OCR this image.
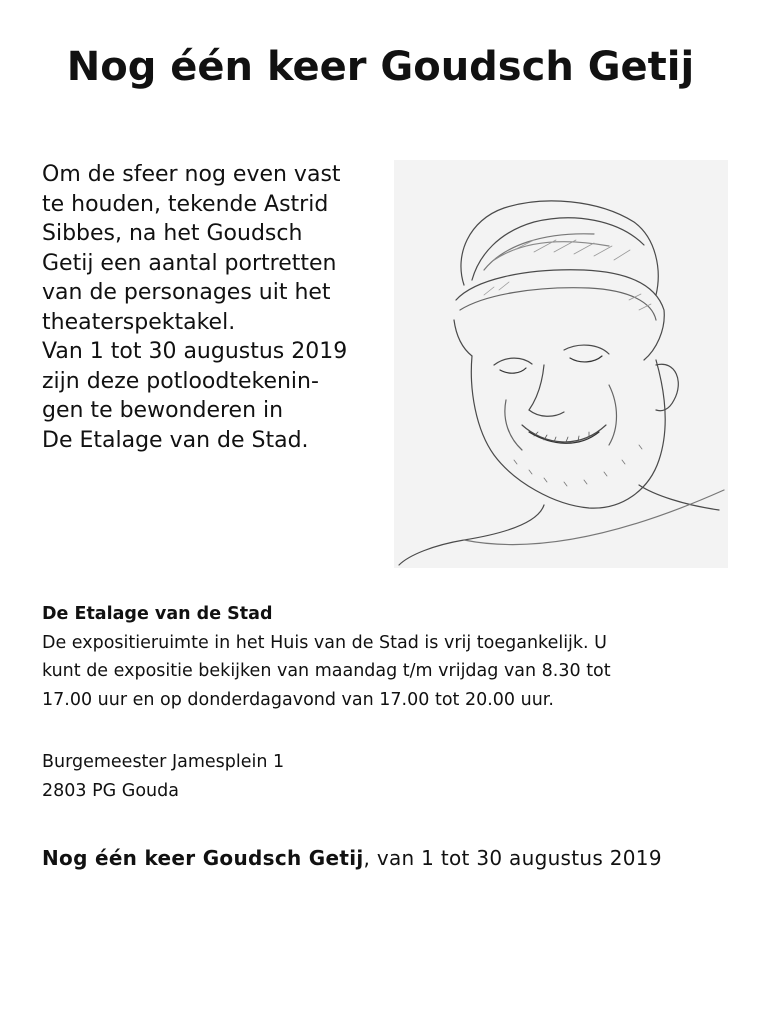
Nog één keer Goudsch Getij
Om de sfeer nog even vast
te houden, tekende Astrid
Sibbes, na het Goudsch
Getij een aantal portretten
van de personages uit het
theaterspektakel.
Van 1 tot 30 augustus 2019
zijn deze potloodtekenin-
gen te bewonderen in
De Etalage van de Stad.

De Etalage van de Stad

De expositieruimte in het Huis van de Stad is vrij toegankelijk. U
kunt de expositie bekijken van maandag t/m vrijdag van 8.30 tot
17.00 uur en op donderdagavond van 17.00 tot 20.00 uur.
Burgemeester Jamesplein 1
2803 PG Gouda
Nog één keer Goudsch Getij, van 1 tot 30 augustus 2019
